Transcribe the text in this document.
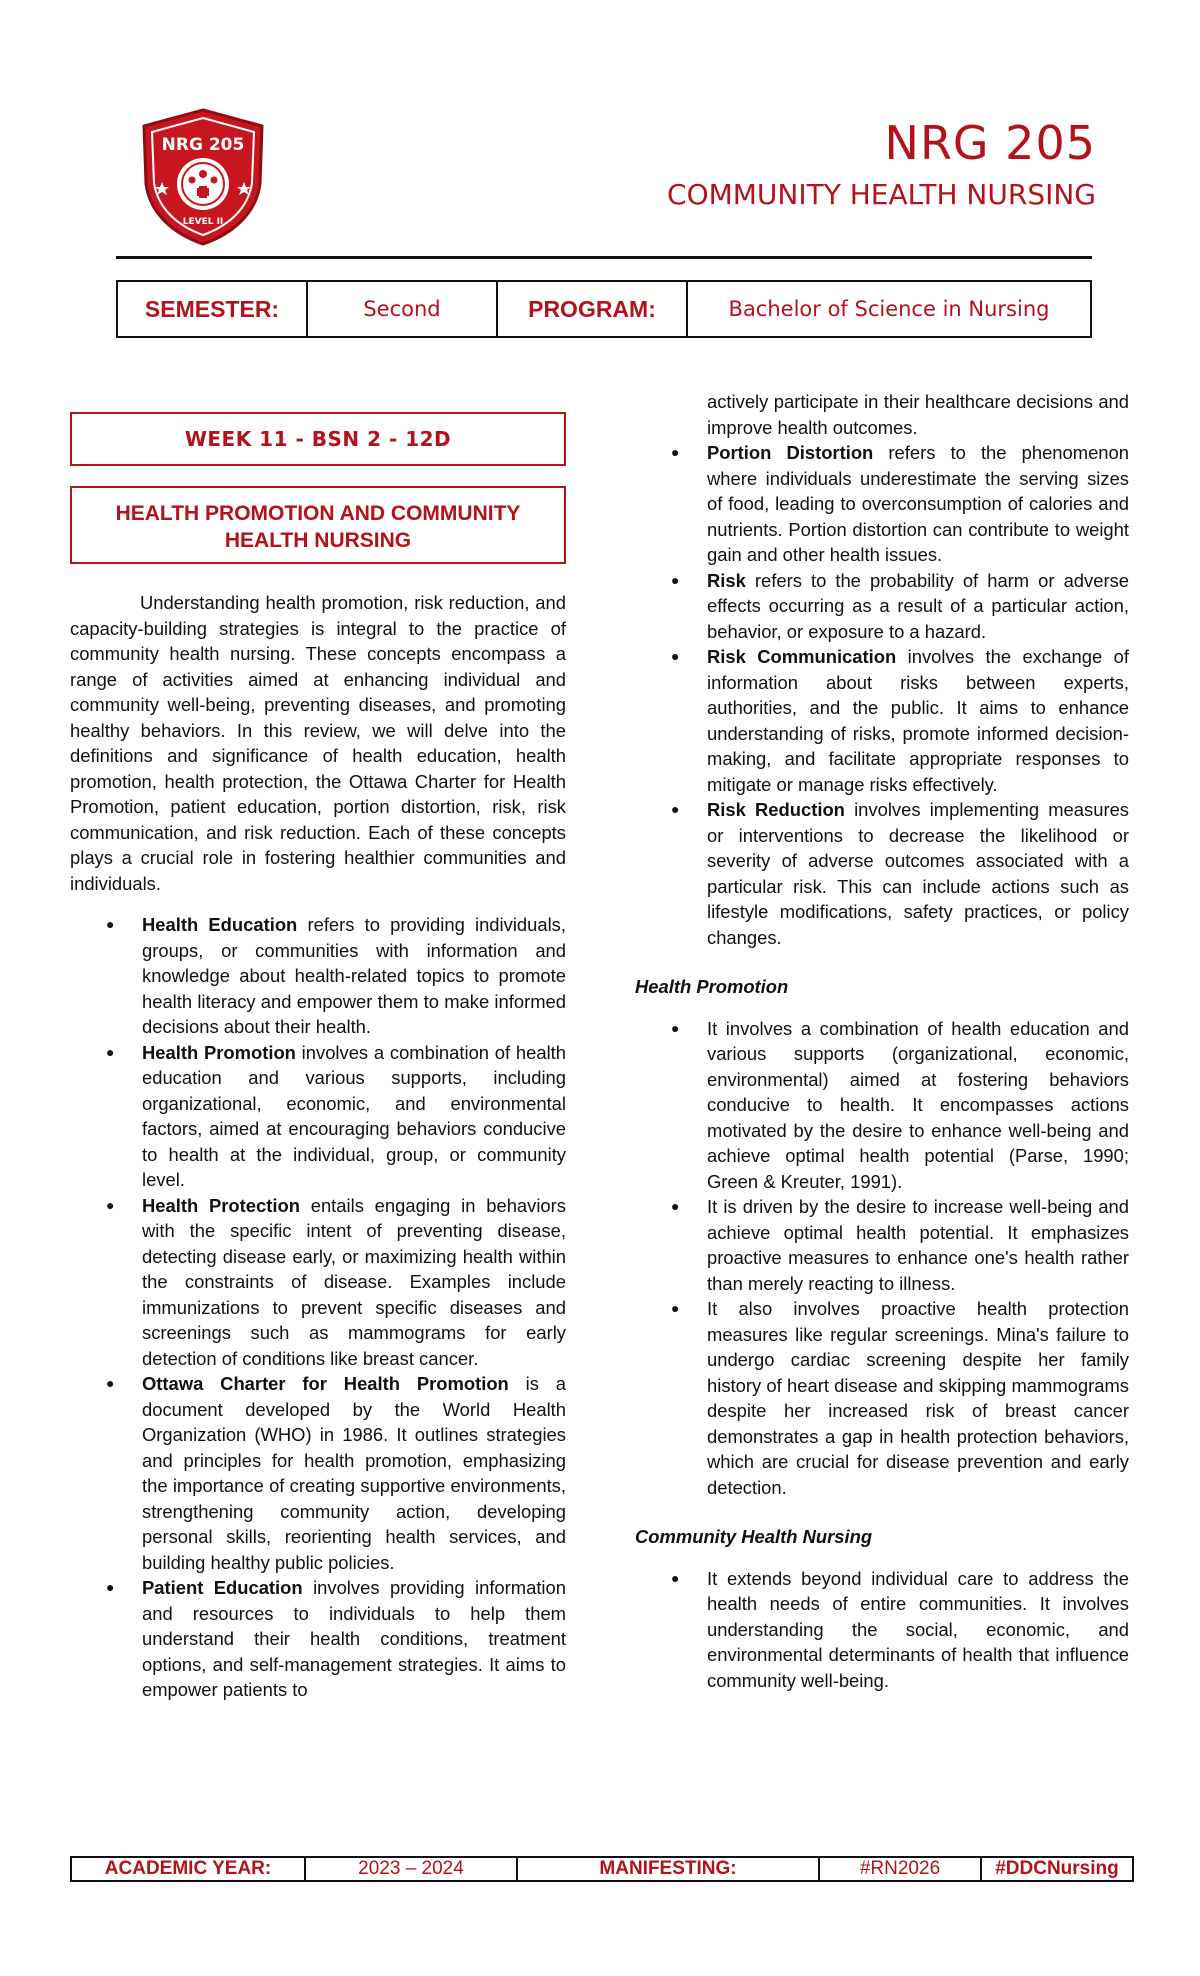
NRG 205
LEVEL II
NRG 205
COMMUNITY HEALTH NURSING
SEMESTER:	Second	PROGRAM:	Bachelor of Science in Nursing
WEEK 11 - BSN 2 - 12D
HEALTH PROMOTION AND COMMUNITY HEALTH NURSING

Understanding health promotion, risk reduction, and capacity-building strategies is integral to the practice of community health nursing. These concepts encompass a range of activities aimed at enhancing individual and community well-being, preventing diseases, and promoting healthy behaviors. In this review, we will delve into the definitions and significance of health education, health promotion, health protection, the Ottawa Charter for Health Promotion, patient education, portion distortion, risk, risk communication, and risk reduction. Each of these concepts plays a crucial role in fostering healthier communities and individuals.

● Health Education refers to providing individuals, groups, or communities with information and knowledge about health-related topics to promote health literacy and empower them to make informed decisions about their health.
● Health Promotion involves a combination of health education and various supports, including organizational, economic, and environmental factors, aimed at encouraging behaviors conducive to health at the individual, group, or community level.
● Health Protection entails engaging in behaviors with the specific intent of preventing disease, detecting disease early, or maximizing health within the constraints of disease. Examples include immunizations to prevent specific diseases and screenings such as mammograms for early detection of conditions like breast cancer.
● Ottawa Charter for Health Promotion is a document developed by the World Health Organization (WHO) in 1986. It outlines strategies and principles for health promotion, emphasizing the importance of creating supportive environments, strengthening community action, developing personal skills, reorienting health services, and building healthy public policies.
● Patient Education involves providing information and resources to individuals to help them understand their health conditions, treatment options, and self-management strategies. It aims to empower patients to
actively participate in their healthcare decisions and improve health outcomes.
● Portion Distortion refers to the phenomenon where individuals underestimate the serving sizes of food, leading to overconsumption of calories and nutrients. Portion distortion can contribute to weight gain and other health issues.
● Risk refers to the probability of harm or adverse effects occurring as a result of a particular action, behavior, or exposure to a hazard.
● Risk Communication involves the exchange of information about risks between experts, authorities, and the public. It aims to enhance understanding of risks, promote informed decision-making, and facilitate appropriate responses to mitigate or manage risks effectively.
● Risk Reduction involves implementing measures or interventions to decrease the likelihood or severity of adverse outcomes associated with a particular risk. This can include actions such as lifestyle modifications, safety practices, or policy changes.
Health Promotion
● It involves a combination of health education and various supports (organizational, economic, environmental) aimed at fostering behaviors conducive to health. It encompasses actions motivated by the desire to enhance well-being and achieve optimal health potential (Parse, 1990; Green & Kreuter, 1991).
● It is driven by the desire to increase well-being and achieve optimal health potential. It emphasizes proactive measures to enhance one's health rather than merely reacting to illness.
● It also involves proactive health protection measures like regular screenings. Mina's failure to undergo cardiac screening despite her family history of heart disease and skipping mammograms despite her increased risk of breast cancer demonstrates a gap in health protection behaviors, which are crucial for disease prevention and early detection.
Community Health Nursing
● It extends beyond individual care to address the health needs of entire communities. It involves understanding the social, economic, and environmental determinants of health that influence community well-being.
ACADEMIC YEAR:	2023 – 2024	MANIFESTING:	#RN2026	#DDCNursing
